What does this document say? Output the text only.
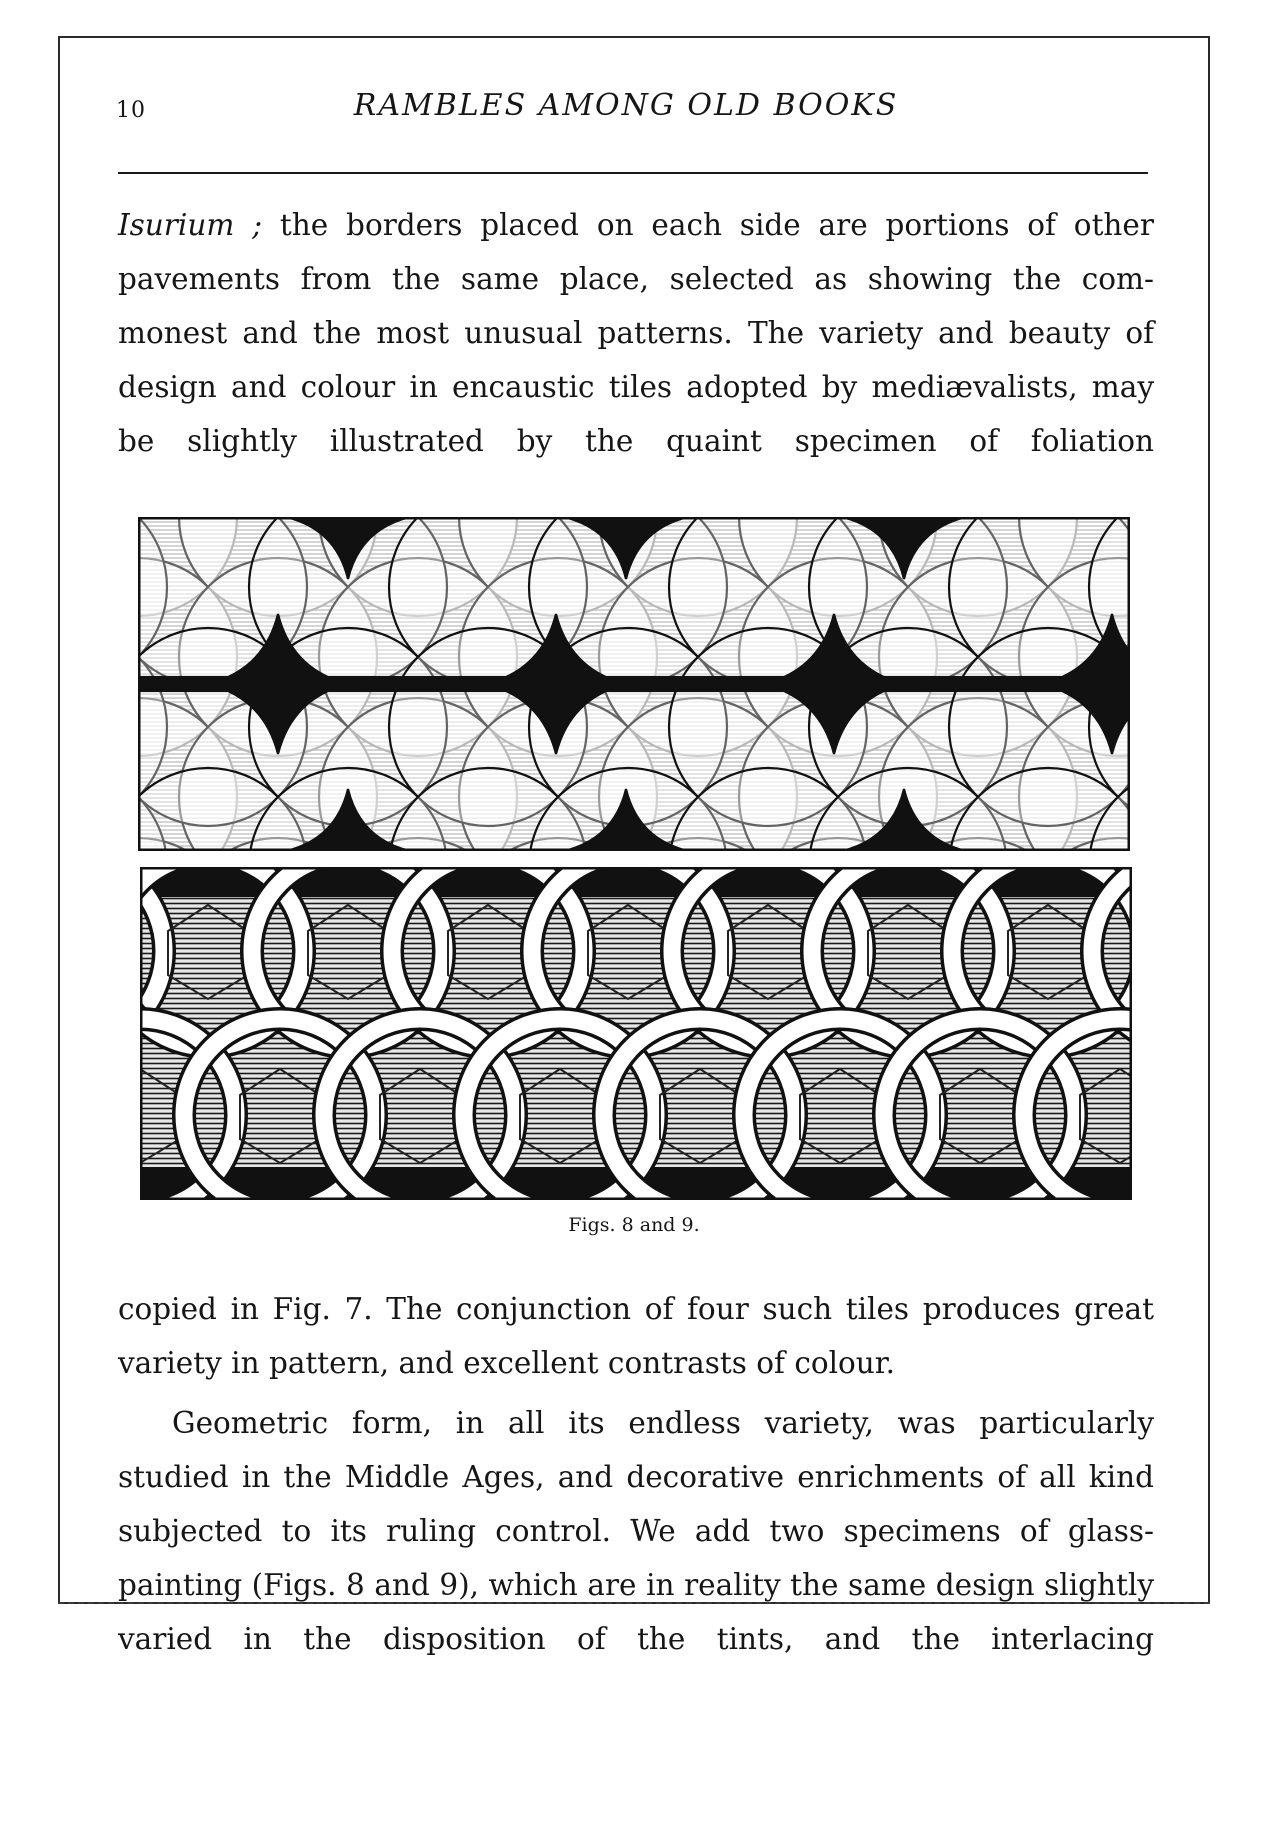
10	RAMBLES AMONG OLD BOOKS

Isurium ; the borders placed on each side are portions of other pavements from the same place, selected as showing the com-monest and the most unusual patterns. The variety and beauty of design and colour in encaustic tiles adopted by mediævalists, may be slightly illustrated by the quaint specimen of foliation

Figs. 8 and 9.

copied in Fig. 7. The conjunction of four such tiles produces great

variety in pattern, and excellent contrasts of colour.

Geometric form, in all its endless variety, was particularly studied in the Middle Ages, and decorative enrichments of all kind subjected to its ruling control. We add two specimens of glass-painting (Figs. 8 and 9), which are in reality the same design slightly varied in the disposition of the tints, and the interlacing
